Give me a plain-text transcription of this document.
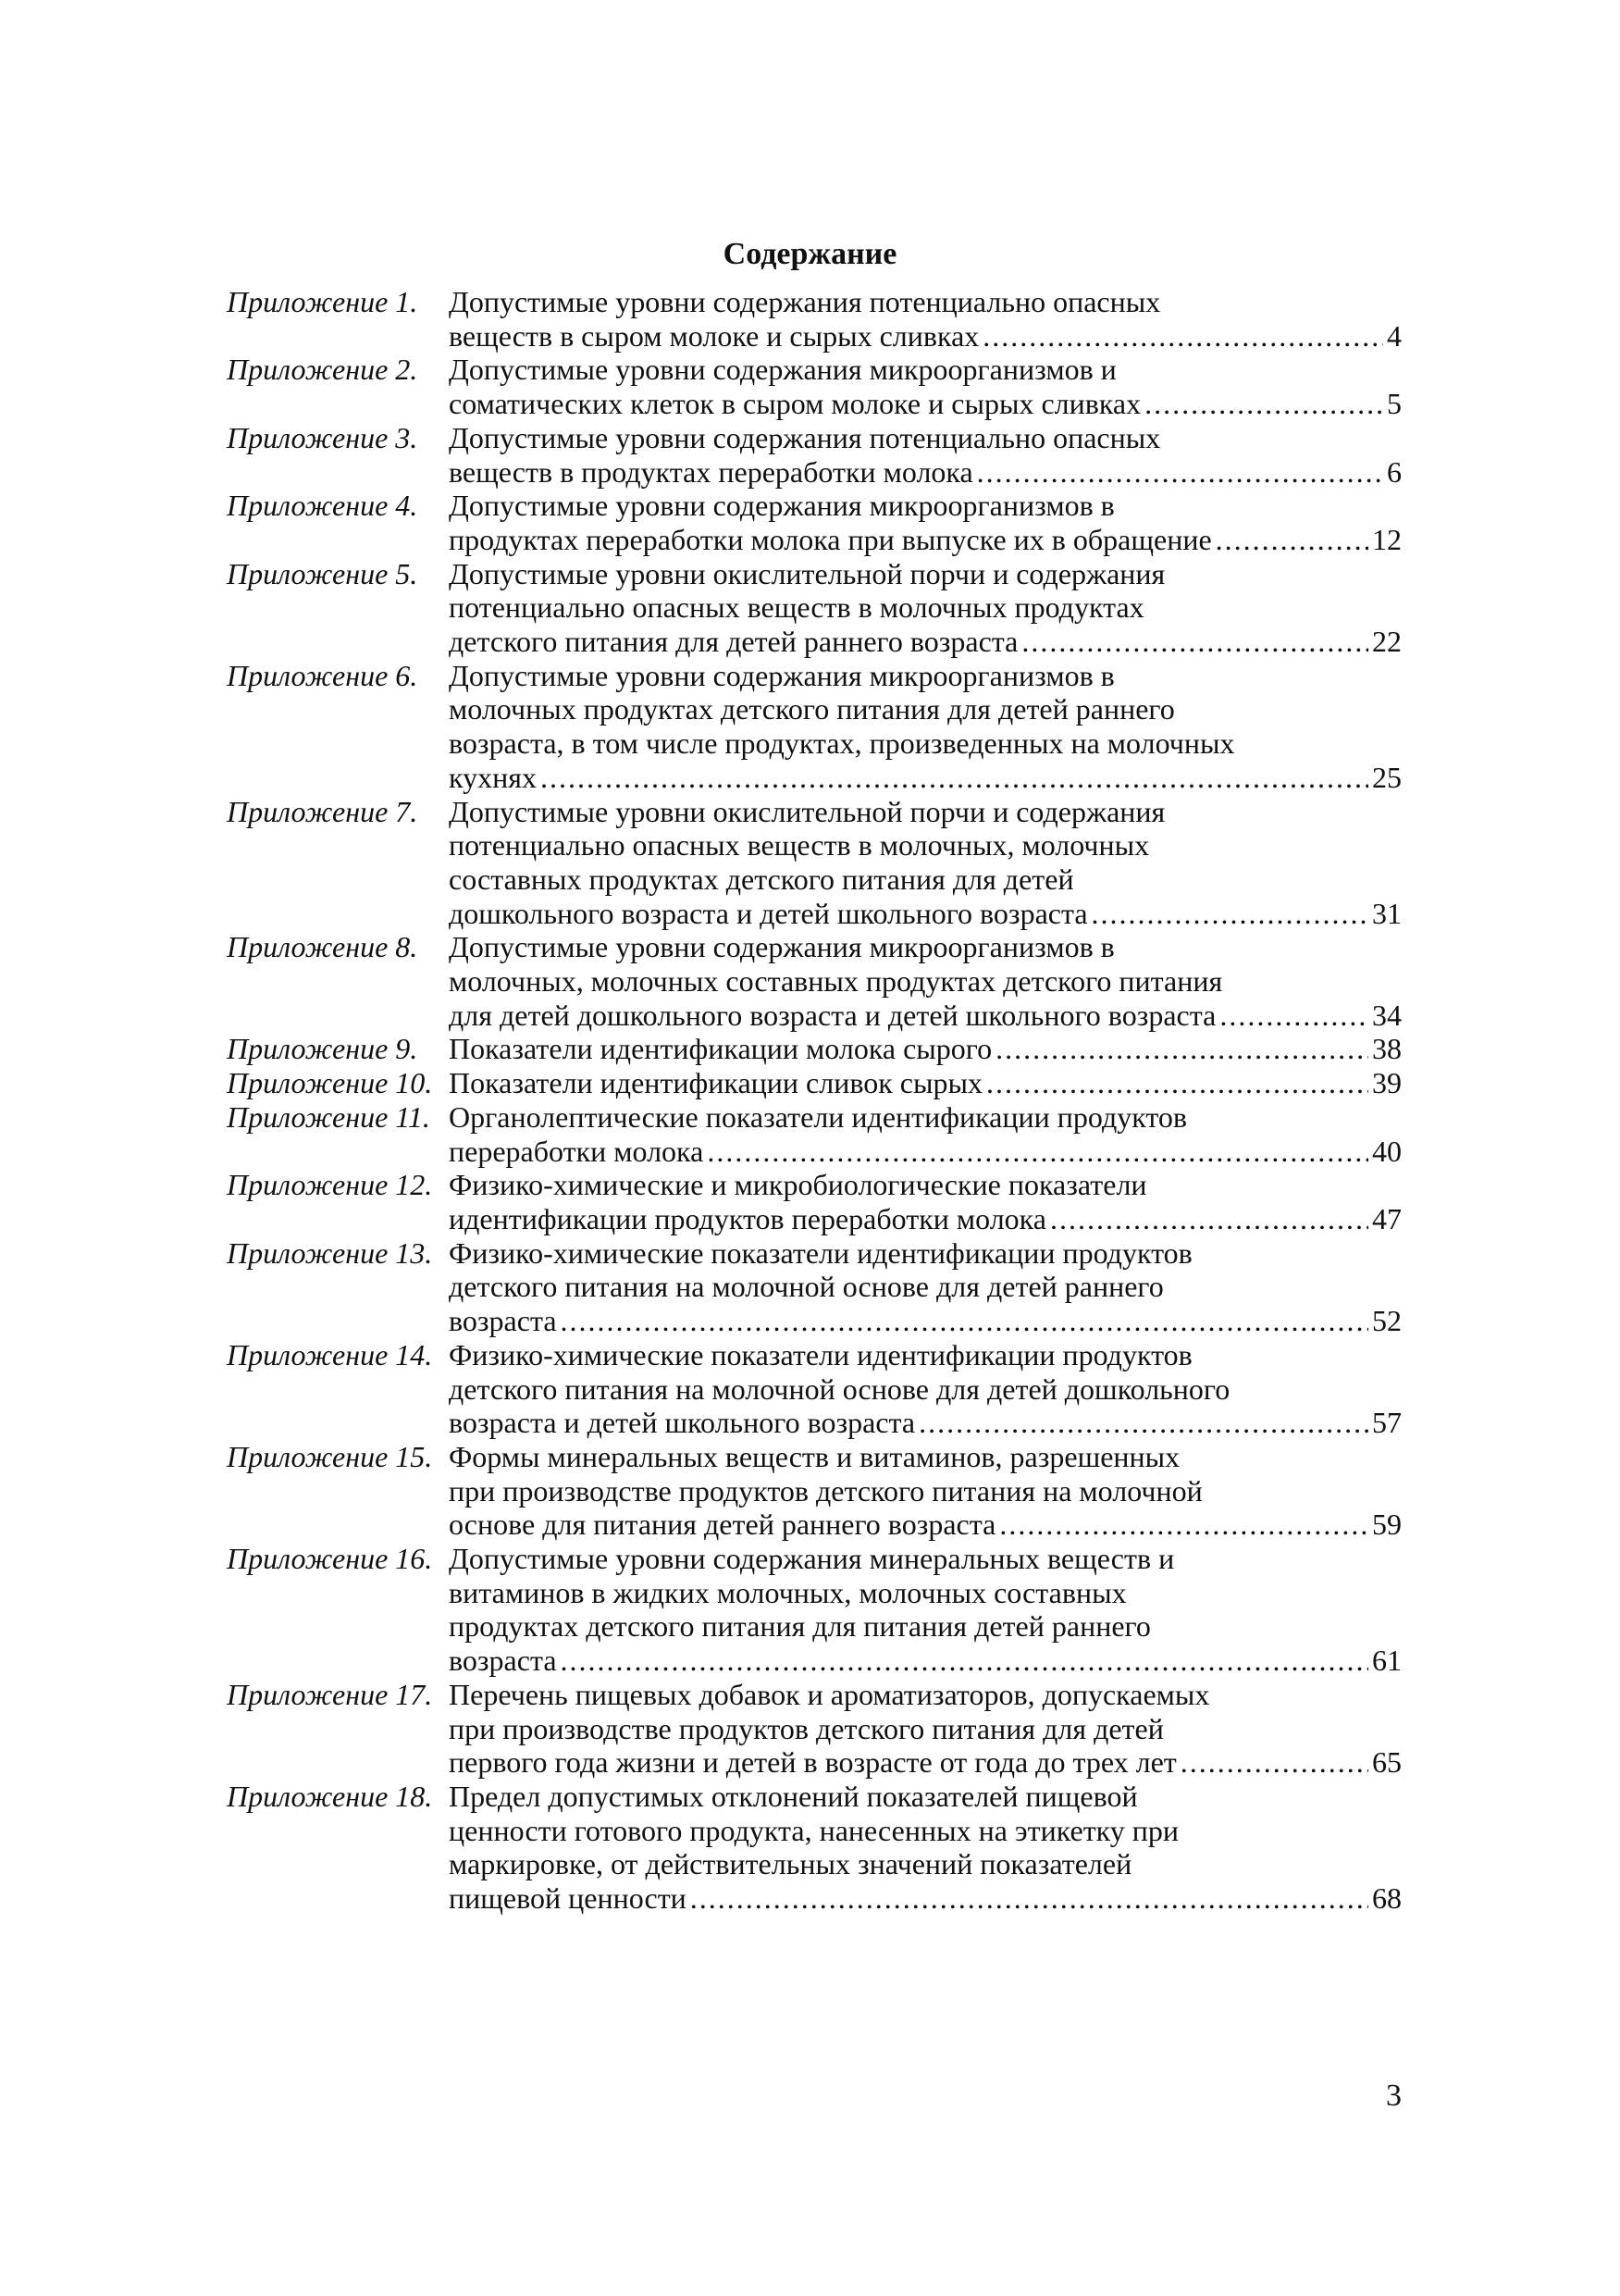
Содержание
Приложение 1.	Допустимые уровни содержания потенциально опасных
веществ в сыром молоке и сырых сливках .....	4
Приложение 2.	Допустимые уровни содержания микроорганизмов и
соматических клеток в сыром молоке и сырых сливках .....	5
Приложение 3.	Допустимые уровни содержания потенциально опасных
веществ в продуктах переработки молока .....	6
Приложение 4.	Допустимые уровни содержания микроорганизмов в
продуктах переработки молока при выпуске их в обращение .....	12
Приложение 5.	Допустимые уровни окислительной порчи и содержания
потенциально опасных веществ в молочных продуктах
детского питания для детей раннего возраста .....	22
Приложение 6.	Допустимые уровни содержания микроорганизмов в
молочных продуктах детского питания для детей раннего
возраста, в том числе продуктах, произведенных на молочных
кухнях .....	25
Приложение 7.	Допустимые уровни окислительной порчи и содержания
потенциально опасных веществ в молочных, молочных
составных продуктах детского питания для детей
дошкольного возраста и детей школьного возраста .....	31
Приложение 8.	Допустимые уровни содержания микроорганизмов в
молочных, молочных составных продуктах детского питания
для детей дошкольного возраста и детей школьного возраста .....	34
Приложение 9.	Показатели идентификации молока сырого .....	38
Приложение 10. Показатели идентификации сливок сырых .....	39
Приложение 11. Органолептические показатели идентификации продуктов
переработки молока .....	40
Приложение 12. Физико-химические и микробиологические показатели
идентификации продуктов переработки молока .....	47
Приложение 13. Физико-химические показатели идентификации продуктов
детского питания на молочной основе для детей раннего
возраста .....	52
Приложение 14. Физико-химические показатели идентификации продуктов
детского питания на молочной основе для детей дошкольного
возраста и детей школьного возраста .....	57
Приложение 15. Формы минеральных веществ и витаминов, разрешенных
при производстве продуктов детского питания на молочной
основе для питания детей раннего возраста .....	59
Приложение 16. Допустимые уровни содержания минеральных веществ и
витаминов в жидких молочных, молочных составных
продуктах детского питания для питания детей раннего
возраста .....	61
Приложение 17. Перечень пищевых добавок и ароматизаторов, допускаемых
при производстве продуктов детского питания для детей
первого года жизни и детей в возрасте от года до трех лет .....	65
Приложение 18. Предел допустимых отклонений показателей пищевой
ценности готового продукта, нанесенных на этикетку при
маркировке, от действительных значений показателей
пищевой ценности .....	68
3
